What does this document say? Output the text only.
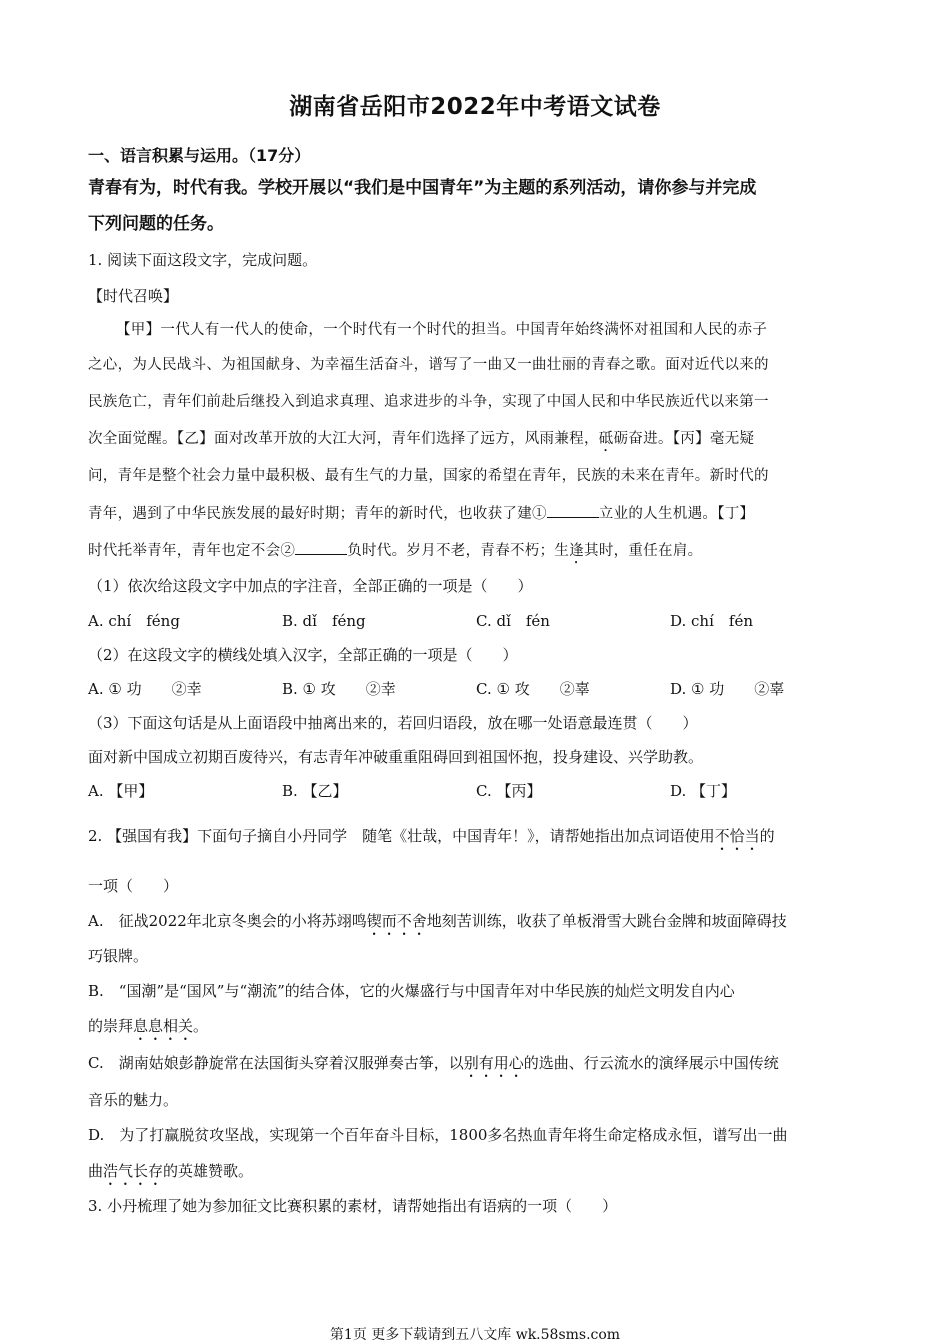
湖南省岳阳市2022年中考语文试卷
一、语言积累与运用。（17分）
青春有为，时代有我。学校开展以“我们是中国青年”为主题的系列活动，请你参与并完成
下列问题的任务。
1. 阅读下面这段文字，完成问题。
【时代召唤】
【甲】一代人有一代人的使命，一个时代有一个时代的担当。中国青年始终满怀对祖国和人民的赤子
之心，为人民战斗、为祖国献身、为幸福生活奋斗，谱写了一曲又一曲壮丽的青春之歌。面对近代以来的
民族危亡，青年们前赴后继投入到追求真理、追求进步的斗争，实现了中国人民和中华民族近代以来第一
次全面觉醒。【乙】面对改革开放的大江大河，青年们选择了远方，风雨兼程，砥砺奋进。【丙】毫无疑
问，青年是整个社会力量中最积极、最有生气的力量，国家的希望在青年，民族的未来在青年。新时代的
青年，遇到了中华民族发展的最好时期；青年的新时代，也收获了建①	立业的人生机遇。【丁】
时代托举青年，青年也定不会②	负时代。岁月不老，青春不朽；生逢其时，重任在肩。
（1）依次给这段文字中加点的字注音，全部正确的一项是（　　）
A. chí　féng	B. dǐ　féng	C. dǐ　fén	D. chí　fén
（2）在这段文字的横线处填入汉字，全部正确的一项是（　　）
A. ① 功　　②幸	B. ① 攻　　②幸	C. ① 攻　　②辜	D. ① 功　　②辜
（3）下面这句话是从上面语段中抽离出来的，若回归语段，放在哪一处语意最连贯（　　）
面对新中国成立初期百废待兴，有志青年冲破重重阻碍回到祖国怀抱，投身建设、兴学助教。
A. 【甲】	B. 【乙】	C. 【丙】	D. 【丁】
2. 【强国有我】下面句子摘自小丹同学　随笔《壮哉，中国青年！》，请帮她指出加点词语使用不恰当的
一项（　　）
A.　征战2022年北京冬奥会的小将苏翊鸣锲而不舍地刻苦训练，收获了单板滑雪大跳台金牌和坡面障碍技
巧银牌。
B.　“国潮”是“国风”与“潮流”的结合体，它的火爆盛行与中国青年对中华民族的灿烂文明发自内心
的崇拜息息相关。
C.　湖南姑娘彭静旋常在法国街头穿着汉服弹奏古筝，以别有用心的选曲、行云流水的演绎展示中国传统
音乐的魅力。
D.　为了打赢脱贫攻坚战，实现第一个百年奋斗目标，1800多名热血青年将生命定格成永恒，谱写出一曲
曲浩气长存的英雄赞歌。
3. 小丹梳理了她为参加征文比赛积累的素材，请帮她指出有语病的一项（　　）
第1页 更多下载请到五八文库 wk.58sms.com
